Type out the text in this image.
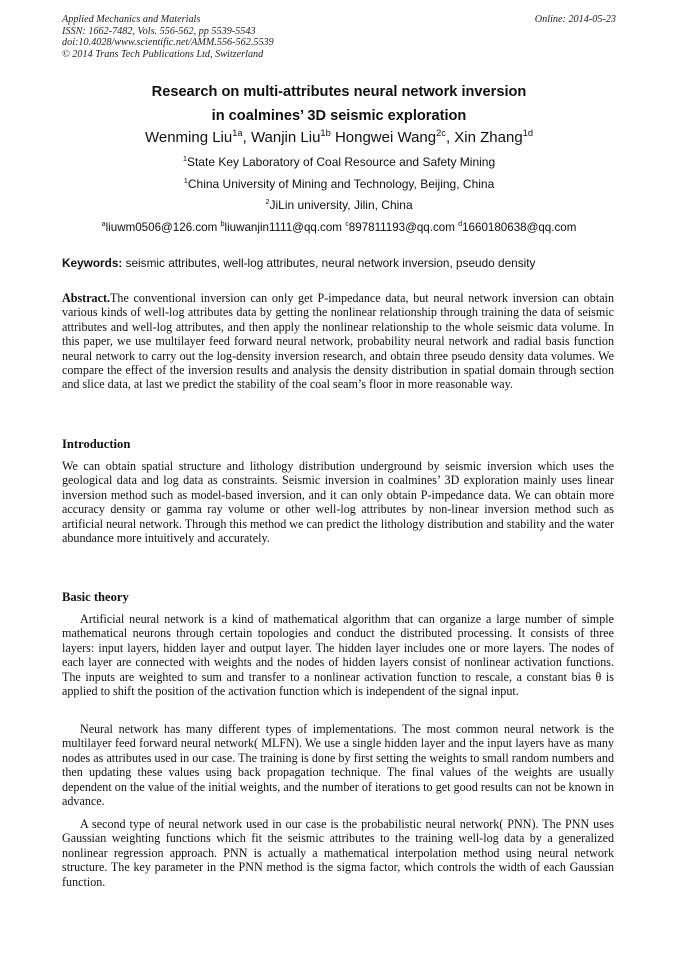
Applied Mechanics and Materials
ISSN: 1662-7482, Vols. 556-562, pp 5539-5543
doi:10.4028/www.scientific.net/AMM.556-562.5539
© 2014 Trans Tech Publications Ltd, Switzerland
Online: 2014-05-23
Research on multi-attributes neural network inversion
in coalmines’ 3D seismic exploration
Wenming Liu$^{1a}$, Wanjin Liu$^{1b}$ Hongwei Wang$^{2c}$, Xin Zhang$^{1d}$
$^1$State Key Laboratory of Coal Resource and Safety Mining
$^1$China University of Mining and Technology, Beijing, China
$^2$JiLin university, Jilin, China
$^a$liuwm0506@126.com $^b$liuwanjin1111@qq.com $^c$897811193@qq.com $^d$1660180638@qq.com
Keywords: seismic attributes, well-log attributes, neural network inversion, pseudo density

Abstract.The conventional inversion can only get P-impedance data, but neural network inversion can obtain various kinds of well-log attributes data by getting the nonlinear relationship through training the data of seismic attributes and well-log attributes, and then apply the nonlinear relationship to the whole seismic data volume. In this paper, we use multilayer feed forward neural network, probability neural network and radial basis function neural network to carry out the log-density inversion research, and obtain three pseudo density data volumes. We compare the effect of the inversion results and analysis the density distribution in spatial domain through section and slice data, at last we predict the stability of the coal seam’s floor in more reasonable way.

Introduction

We can obtain spatial structure and lithology distribution underground by seismic inversion which uses the geological data and log data as constraints. Seismic inversion in coalmines’ 3D exploration mainly uses linear inversion method such as model-based inversion, and it can only obtain P-impedance data. We can obtain more accuracy density or gamma ray volume or other well-log attributes by non-linear inversion method such as artificial neural network. Through this method we can predict the lithology distribution and stability and the water abundance more intuitively and accurately.

Basic theory

Artificial neural network is a kind of mathematical algorithm that can organize a large number of simple mathematical neurons through certain topologies and conduct the distributed processing. It consists of three layers: input layers, hidden layer and output layer. The hidden layer includes one or more layers. The nodes of each layer are connected with weights and the nodes of hidden layers consist of nonlinear activation functions. The inputs are weighted to sum and transfer to a nonlinear activation function to rescale, a constant bias θ is applied to shift the position of the activation function which is independent of the signal input.

Neural network has many different types of implementations. The most common neural network is the multilayer feed forward neural network( MLFN). We use a single hidden layer and the input layers have as many nodes as attributes used in our case. The training is done by first setting the weights to small random numbers and then updating these values using back propagation technique. The final values of the weights are usually dependent on the value of the initial weights, and the number of iterations to get good results can not be known in advance.

A second type of neural network used in our case is the probabilistic neural network( PNN). The PNN uses Gaussian weighting functions which fit the seismic attributes to the training well-log data by a generalized nonlinear regression approach. PNN is actually a mathematical interpolation method using neural network structure. The key parameter in the PNN method is the sigma factor, which controls the width of each Gaussian function.
